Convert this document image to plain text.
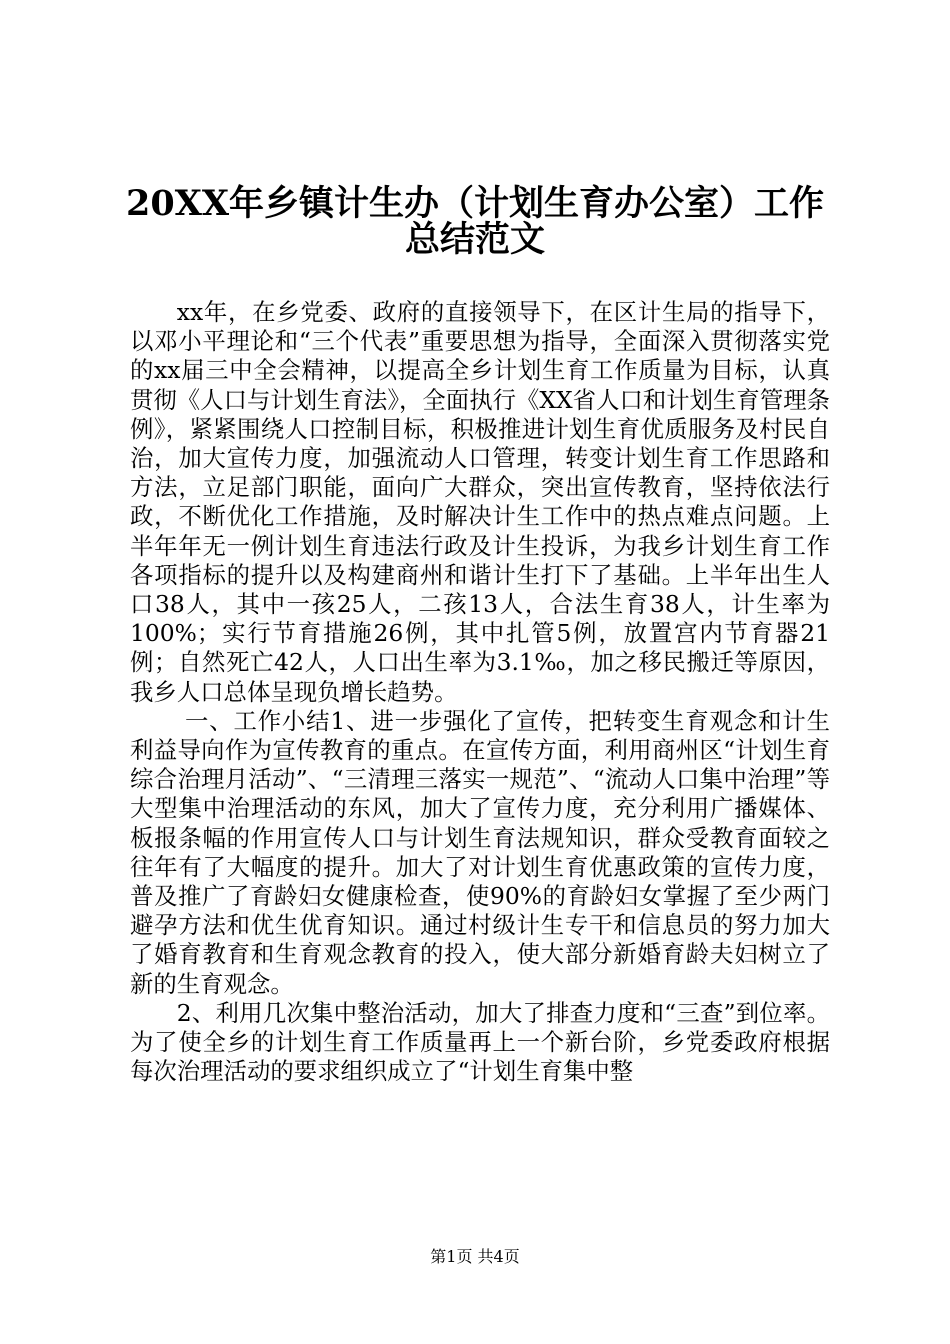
20XX年乡镇计生办（计划生育办公室）工作
总结范文

xx年，在乡党委、政府的直接领导下，在区计生局的指导下，以邓小平理论和“三个代表”重要思想为指导，全面深入贯彻落实党的xx届三中全会精神，以提高全乡计划生育工作质量为目标，认真贯彻《人口与计划生育法》，全面执行《XX省人口和计划生育管理条例》，紧紧围绕人口控制目标，积极推进计划生育优质服务及村民自治，加大宣传力度，加强流动人口管理，转变计划生育工作思路和方法，立足部门职能，面向广大群众，突出宣传教育，坚持依法行政，不断优化工作措施，及时解决计生工作中的热点难点问题。上半年年无一例计划生育违法行政及计生投诉，为我乡计划生育工作各项指标的提升以及构建商州和谐计生打下了基础。上半年出生人口38人，其中一孩25人，二孩13人，合法生育38人，计生率为100%；实行节育措施26例，其中扎管5例，放置宫内节育器21例；自然死亡42人，人口出生率为3.1‰，加之移民搬迁等原因，我乡人口总体呈现负增长趋势。

一、工作小结1、进一步强化了宣传，把转变生育观念和计生利益导向作为宣传教育的重点。在宣传方面，利用商州区“计划生育综合治理月活动”、“三清理三落实一规范”、“流动人口集中治理”等大型集中治理活动的东风，加大了宣传力度，充分利用广播媒体、板报条幅的作用宣传人口与计划生育法规知识，群众受教育面较之往年有了大幅度的提升。加大了对计划生育优惠政策的宣传力度，普及推广了育龄妇女健康检查，使90%的育龄妇女掌握了至少两门避孕方法和优生优育知识。通过村级计生专干和信息员的努力加大了婚育教育和生育观念教育的投入，使大部分新婚育龄夫妇树立了新的生育观念。

2、利用几次集中整治活动，加大了排查力度和“三查”到位率。为了使全乡的计划生育工作质量再上一个新台阶，乡党委政府根据每次治理活动的要求组织成立了“计划生育集中整

第1页 共4页
